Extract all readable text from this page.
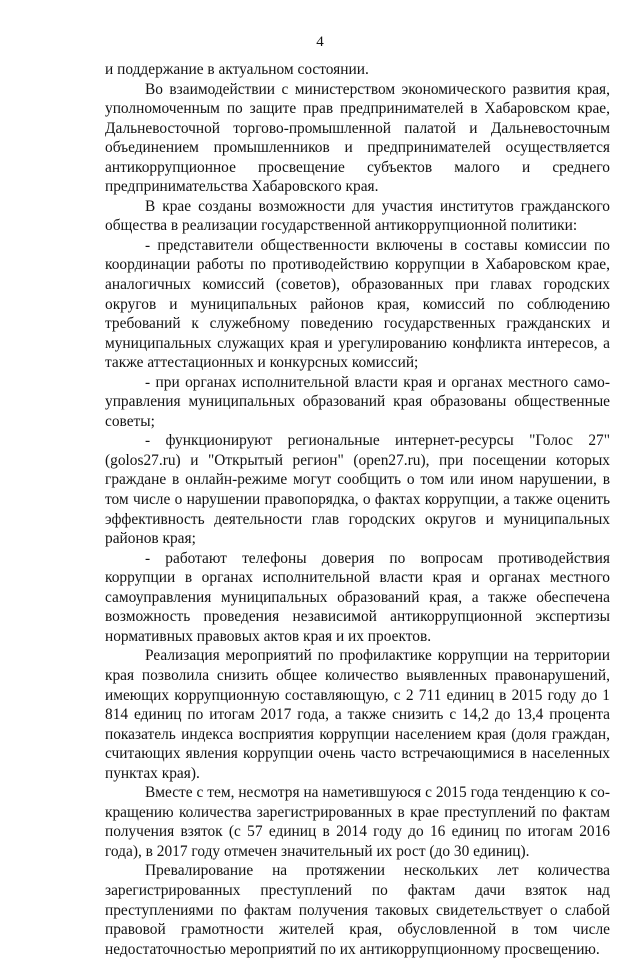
4

и поддержание в актуальном состоянии.

Во взаимодействии с министерством экономического развития края, уполномоченным по защите прав предпринимателей в Хабаровском крае, Дальневосточной торгово-промышленной палатой и Дальневосточным объединением промышленников и предпринимателей осуществляется антикоррупционное просвещение субъектов малого и среднего предпринимательства Хабаровского края.

В крае созданы возможности для участия институтов гражданского общества в реализации государственной антикоррупционной политики:

- представители общественности включены в составы комиссии по координации работы по противодействию коррупции в Хабаровском крае, аналогичных комиссий (советов), образованных при главах городских округов и муниципальных районов края, комиссий по соблюдению требований к служебному поведению государственных гражданских и муниципальных служащих края и урегулированию конфликта интересов, а также аттестационных и конкурсных комиссий;

- при органах исполнительной власти края и органах местного самоуправления муниципальных образований края образованы общественные советы;

- функционируют региональные интернет-ресурсы "Голос 27" (golos27.ru) и "Открытый регион" (open27.ru), при посещении которых граждане в онлайн-режиме могут сообщить о том или ином нарушении, в том числе о нарушении правопорядка, о фактах коррупции, а также оценить эффективность деятельности глав городских округов и муниципальных районов края;

- работают телефоны доверия по вопросам противодействия коррупции в органах исполнительной власти края и органах местного самоуправления муниципальных образований края, а также обеспечена возможность проведения независимой антикоррупционной экспертизы нормативных правовых актов края и их проектов.

Реализация мероприятий по профилактике коррупции на территории края позволила снизить общее количество выявленных правонарушений, имеющих коррупционную составляющую, с 2 711 единиц в 2015 году до 1 814 единиц по итогам 2017 года, а также снизить с 14,2 до 13,4 процента показатель индекса восприятия коррупции населением края (доля граждан, считающих явления коррупции очень часто встречающимися в населенных пунктах края).

Вместе с тем, несмотря на наметившуюся с 2015 года тенденцию к сокращению количества зарегистрированных в крае преступлений по фактам получения взяток (с 57 единиц в 2014 году до 16 единиц по итогам 2016 года), в 2017 году отмечен значительный их рост (до 30 единиц).

Превалирование на протяжении нескольких лет количества зарегистрированных преступлений по фактам дачи взяток над преступлениями по фактам получения таковых свидетельствует о слабой правовой грамотности жителей края, обусловленной в том числе недостаточностью мероприятий по их антикоррупционному просвещению.
